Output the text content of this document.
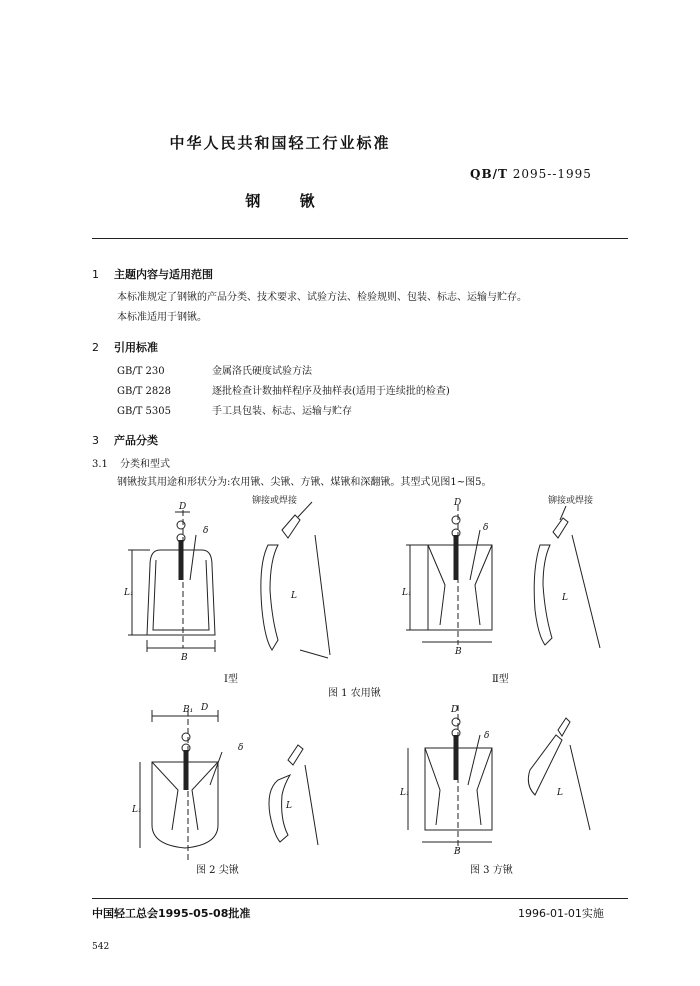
中华人民共和国轻工行业标准
QB/T 2095--1995
钢 锹
1 主题内容与适用范围
本标准规定了钢锹的产品分类、技术要求、试验方法、检验规则、包装、标志、运输与贮存。
本标准适用于钢锹。
2 引用标准
GB/T 230	金属洛氏硬度试验方法
GB/T 2828	逐批检查计数抽样程序及抽样表(适用于连续批的检查)
GB/T 5305	手工具包装、标志、运输与贮存
3 产品分类
3.1 分类和型式
钢锹按其用途和形状分为:农用锹、尖锹、方锹、煤锹和深翻锹。其型式见图1~图5。
铆接或焊接	铆接或焊接
D	D
D	D
δ	δ
δ
δ
L₁	L₁
L₁
L₁
B
B
B
B₁
L	L
L
L
Ⅰ型	Ⅱ型
图 1 农用锹
图 2 尖锹	图 3 方锹
中国轻工总会1995-05-08批准	1996-01-01实施
542
